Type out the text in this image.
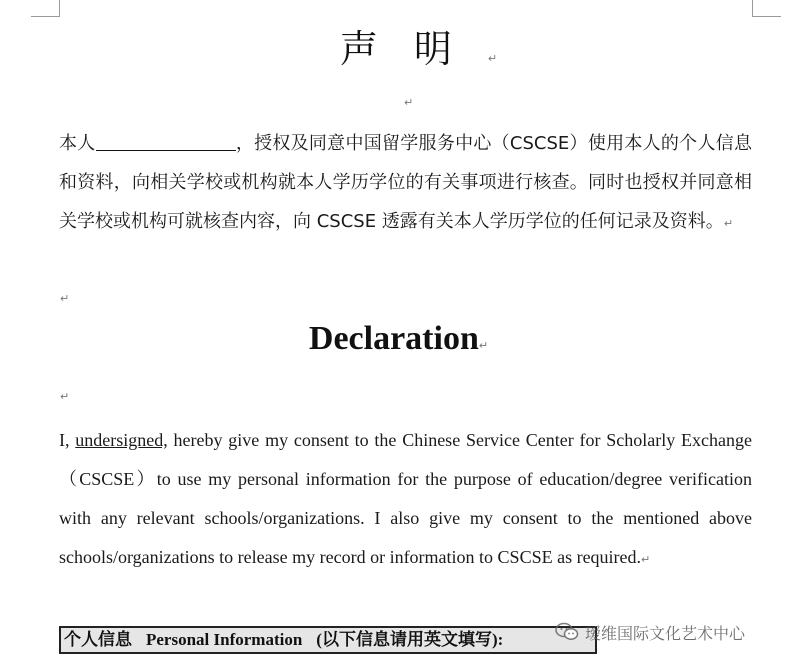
声明↵
↵
本人	，授权及同意中国留学服务中心（CSCSE）使用本人的个人信息和资料，向相关学校或机构就本人学历学位的有关事项进行核查。同时也授权并同意相关学校或机构可就核查内容，向 CSCSE 透露有关本人学历学位的任何记录及资料。↵
↵
Declaration↵
↵
I, undersigned, hereby give my consent to the Chinese Service Center for Scholarly Exchange（CSCSE）to use my personal information for the purpose of education/degree verification with any relevant schools/organizations. I also give my consent to the mentioned above schools/organizations to release my record or information to CSCSE as required.↵
个人信息 Personal Information (以下信息请用英文填写):	瑷维国际文化艺术中心
